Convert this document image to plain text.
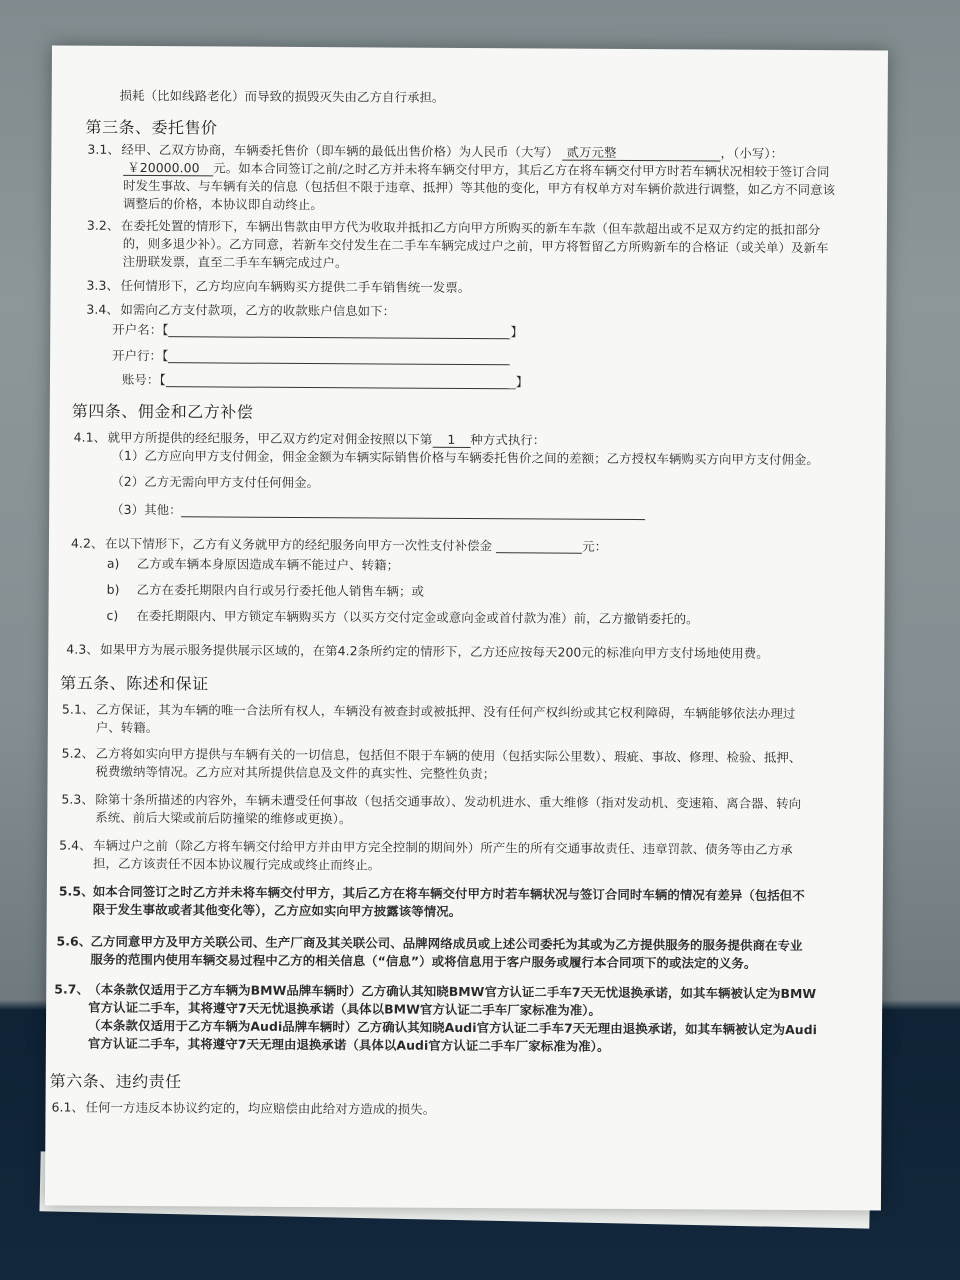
损耗（比如线路老化）而导致的损毁灭失由乙方自行承担。
第三条、委托售价
3.1、经甲、乙双方协商，车辆委托售价（即车辆的最低出售价格）为人民币（大写） 贰万元整	，（小写）：
￥20000.00 元。如本合同签订之前/之时乙方并未将车辆交付甲方，其后乙方在将车辆交付甲方时若车辆状况相较于签订合同
时发生事故、与车辆有关的信息（包括但不限于违章、抵押）等其他的变化，甲方有权单方对车辆价款进行调整，如乙方不同意该
调整后的价格，本协议即自动终止。
3.2、在委托处置的情形下，车辆出售款由甲方代为收取并抵扣乙方向甲方所购买的新车车款（但车款超出或不足双方约定的抵扣部分
的，则多退少补）。乙方同意，若新车交付发生在二手车车辆完成过户之前，甲方将暂留乙方所购新车的合格证（或关单）及新车
注册联发票，直至二手车车辆完成过户。
3.3、任何情形下，乙方均应向车辆购买方提供二手车销售统一发票。
3.4、如需向乙方支付款项，乙方的收款账户信息如下：
开户名：【	】
开户行：【
账号：【	】
第四条、佣金和乙方补偿
4.1、就甲方所提供的经纪服务，甲乙双方约定对佣金按照以下第 1 种方式执行：
（1）乙方应向甲方支付佣金，佣金金额为车辆实际销售价格与车辆委托售价之间的差额；乙方授权车辆购买方向甲方支付佣金。
（2）乙方无需向甲方支付任何佣金。
（3）其他：
4.2、在以下情形下，乙方有义务就甲方的经纪服务向甲方一次性支付补偿金	元：
a) 乙方或车辆本身原因造成车辆不能过户、转籍；
b) 乙方在委托期限内自行或另行委托他人销售车辆；或
c) 在委托期限内、甲方锁定车辆购买方（以买方交付定金或意向金或首付款为准）前，乙方撤销委托的。
4.3、如果甲方为展示服务提供展示区域的，在第4.2条所约定的情形下，乙方还应按每天200元的标准向甲方支付场地使用费。
第五条、陈述和保证
5.1、乙方保证，其为车辆的唯一合法所有权人，车辆没有被查封或被抵押、没有任何产权纠纷或其它权利障碍，车辆能够依法办理过
户、转籍。
5.2、乙方将如实向甲方提供与车辆有关的一切信息，包括但不限于车辆的使用（包括实际公里数）、瑕疵、事故、修理、检验、抵押、
税费缴纳等情况。乙方应对其所提供信息及文件的真实性、完整性负责；
5.3、除第十条所描述的内容外，车辆未遭受任何事故（包括交通事故）、发动机进水、重大维修（指对发动机、变速箱、离合器、转向
系统、前后大梁或前后防撞梁的维修或更换）。
5.4、车辆过户之前（除乙方将车辆交付给甲方并由甲方完全控制的期间外）所产生的所有交通事故责任、违章罚款、债务等由乙方承
担，乙方该责任不因本协议履行完成或终止而终止。
5.5、如本合同签订之时乙方并未将车辆交付甲方，其后乙方在将车辆交付甲方时若车辆状况与签订合同时车辆的情况有差异（包括但不
限于发生事故或者其他变化等），乙方应如实向甲方披露该等情况。
5.6、乙方同意甲方及甲方关联公司、生产厂商及其关联公司、品牌网络成员或上述公司委托为其或为乙方提供服务的服务提供商在专业
服务的范围内使用车辆交易过程中乙方的相关信息（“信息”）或将信息用于客户服务或履行本合同项下的或法定的义务。
5.7、（本条款仅适用于乙方车辆为BMW品牌车辆时）乙方确认其知晓BMW官方认证二手车7天无忧退换承诺，如其车辆被认定为BMW
官方认证二手车，其将遵守7天无忧退换承诺（具体以BMW官方认证二手车厂家标准为准）。
（本条款仅适用于乙方车辆为Audi品牌车辆时）乙方确认其知晓Audi官方认证二手车7天无理由退换承诺，如其车辆被认定为Audi
官方认证二手车，其将遵守7天无理由退换承诺（具体以Audi官方认证二手车厂家标准为准）。
第六条、违约责任
6.1、任何一方违反本协议约定的，均应赔偿由此给对方造成的损失。
